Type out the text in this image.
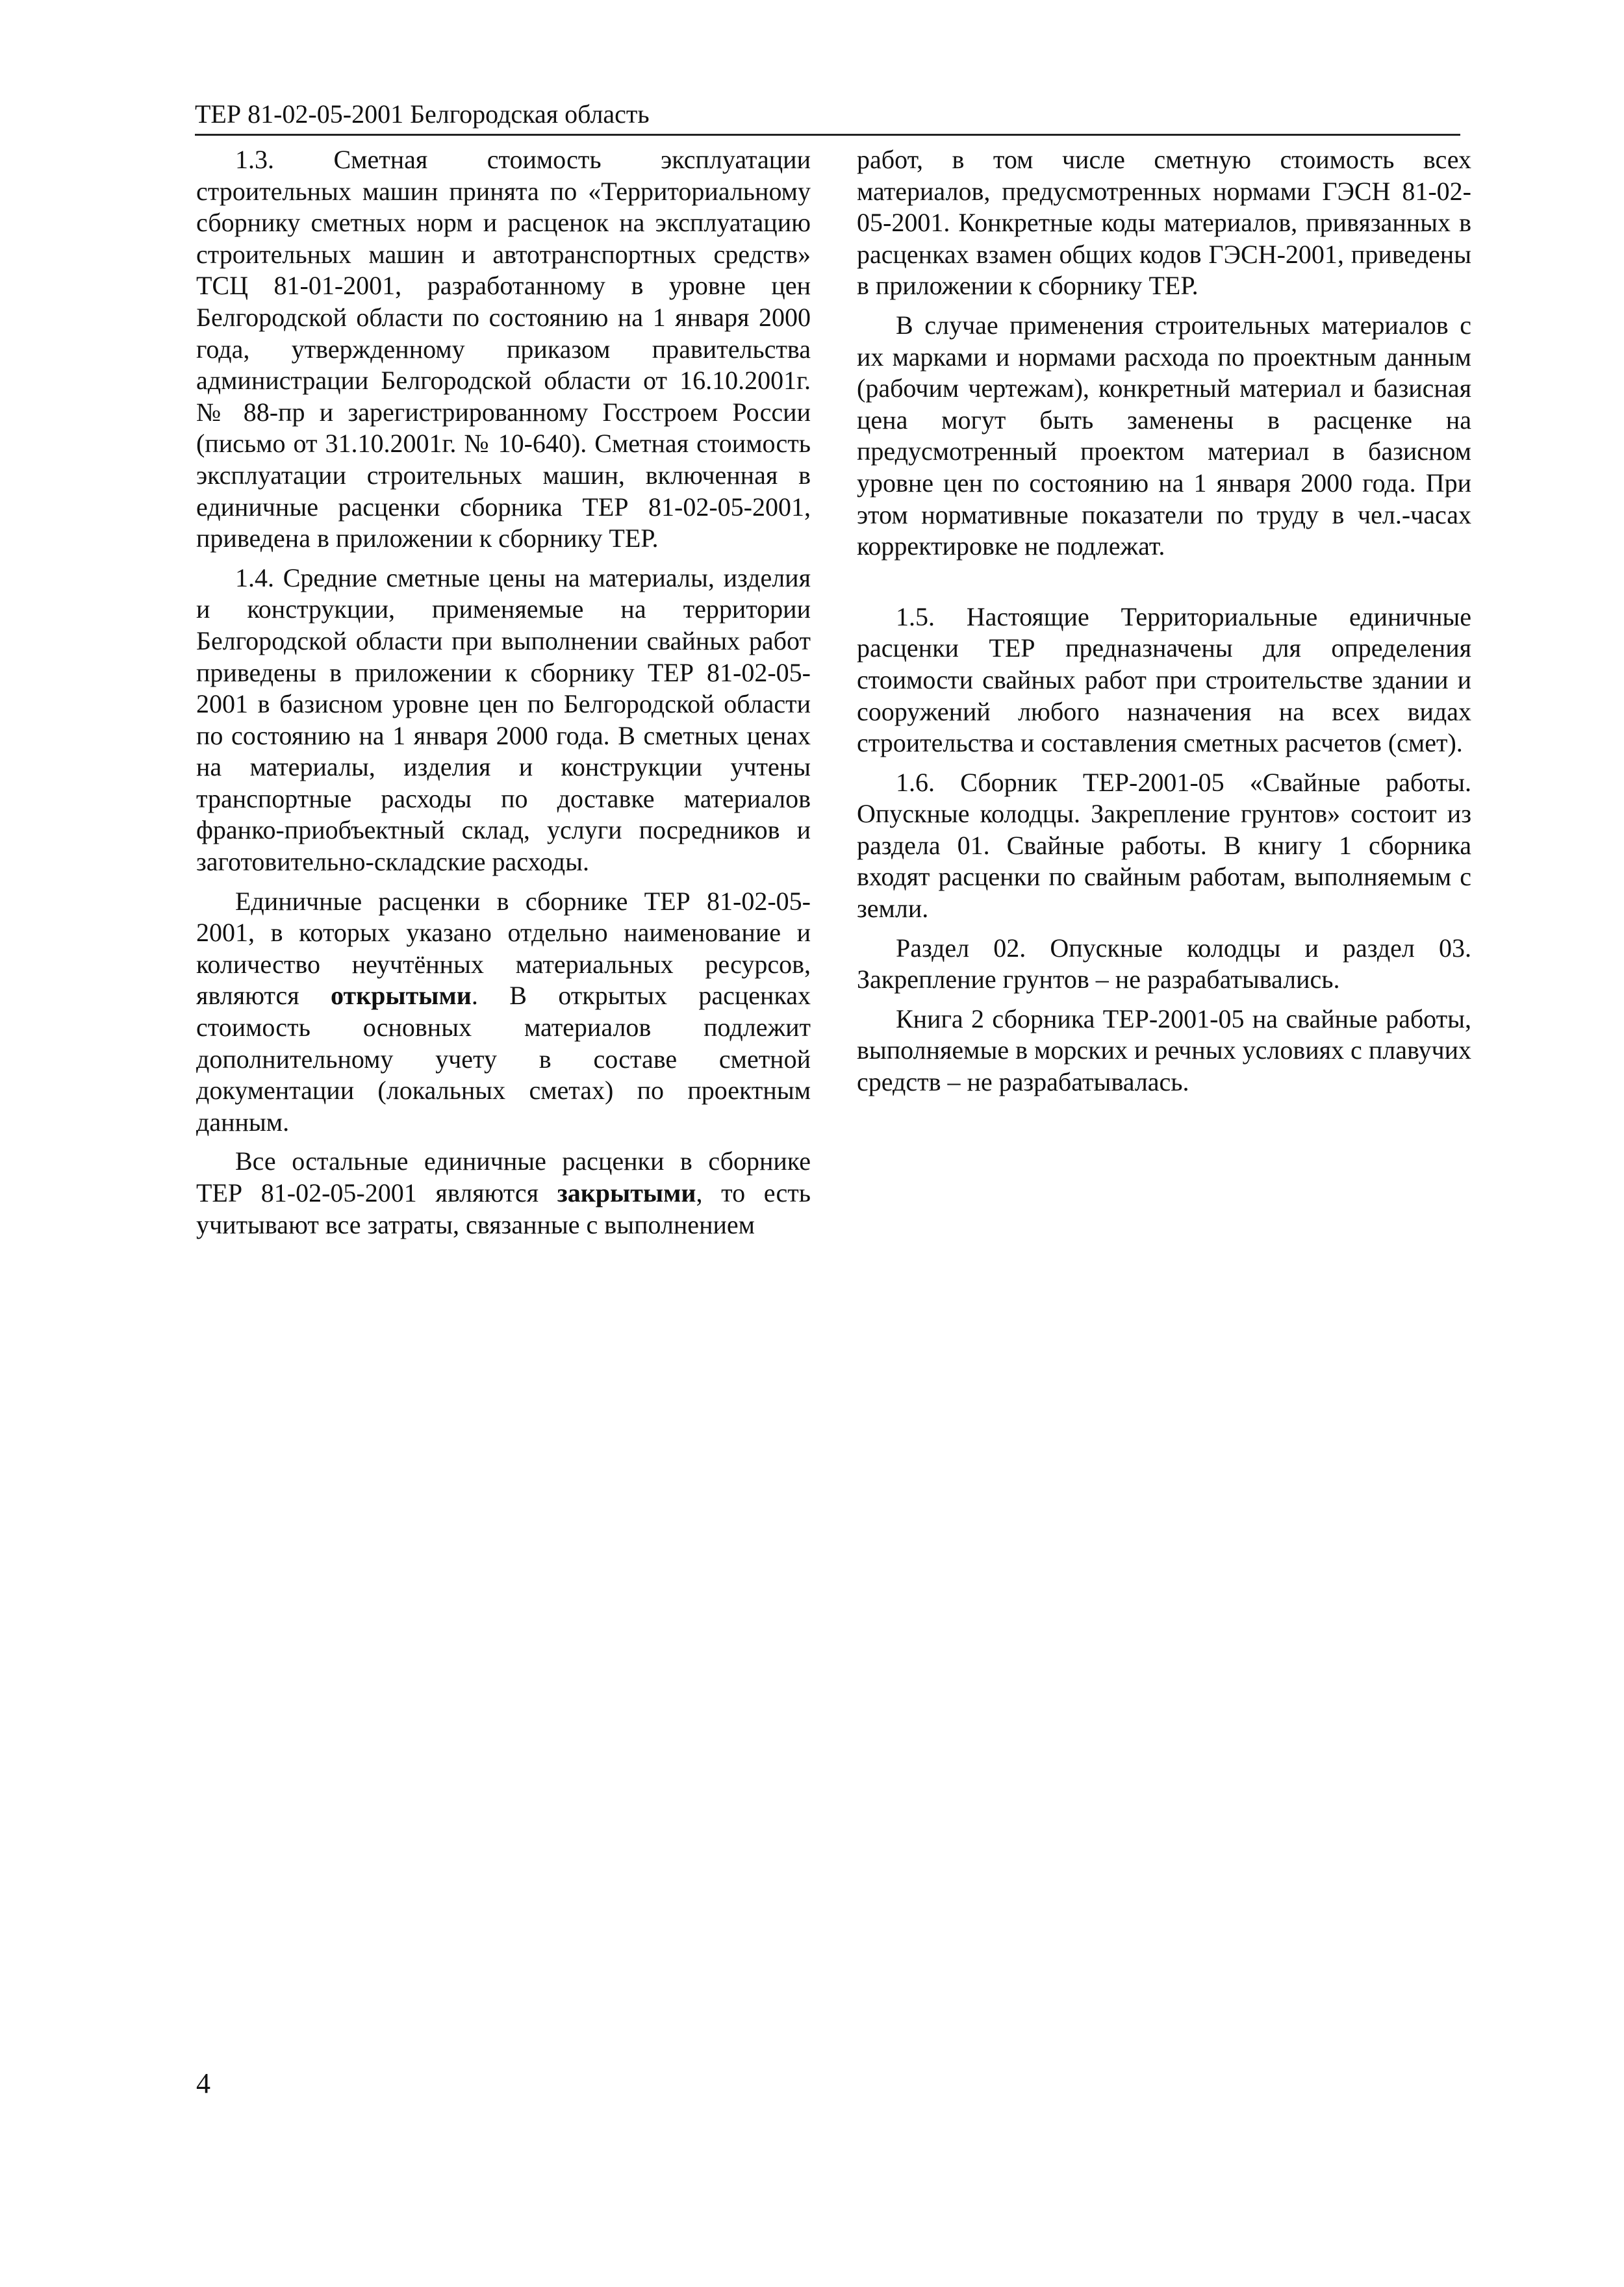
ТЕР 81-02-05-2001 Белгородская область

1.3. Сметная стоимость эксплуатации строительных машин принята по «Территориальному сборнику сметных норм и расценок на эксплуатацию строительных машин и автотранспортных средств» ТСЦ 81-01-2001, разработанному в уровне цен Белгородской области по состоянию на 1 января 2000 года, утвержденному приказом правительства администрации Белгородской области от 16.10.2001г. № 88-пр и зарегистрированному Госстроем России (письмо от 31.10.2001г. № 10-640). Сметная стоимость эксплуатации строительных машин, включенная в единичные расценки сборника ТЕР 81-02-05-2001, приведена в приложении к сборнику ТЕР.

1.4. Средние сметные цены на материалы, изделия и конструкции, применяемые на территории Белгородской области при выполнении свайных работ приведены в приложении к сборнику ТЕР 81-02-05-2001 в базисном уровне цен по Белгородской области по состоянию на 1 января 2000 года. В сметных ценах на материалы, изделия и конструкции учтены транспортные расходы по доставке материалов франко-приобъектный склад, услуги посредников и заготовительно-складские расходы.

Единичные расценки в сборнике ТЕР 81-02-05-2001, в которых указано отдельно наименование и количество неучтённых материальных ресурсов, являются открытыми. В открытых расценках стоимость основных материалов подлежит дополнительному учету в составе сметной документации (локальных сметах) по проектным данным.

Все остальные единичные расценки в сборнике ТЕР 81-02-05-2001 являются закрытыми, то есть учитывают все затраты, связанные с выполнением

работ, в том числе сметную стоимость всех материалов, предусмотренных нормами ГЭСН 81-02-05-2001. Конкретные коды материалов, привязанных в расценках взамен общих кодов ГЭСН-2001, приведены в приложении к сборнику ТЕР.

В случае применения строительных материалов с их марками и нормами расхода по проектным данным (рабочим чертежам), конкретный материал и базисная цена могут быть заменены в расценке на предусмотренный проектом материал в базисном уровне цен по состоянию на 1 января 2000 года. При этом нормативные показатели по труду в чел.-часах корректировке не подлежат.

1.5. Настоящие Территориальные единичные расценки ТЕР предназначены для определения стоимости свайных работ при строительстве здании и сооружений любого назначения на всех видах строительства и составления сметных расчетов (смет).

1.6. Сборник ТЕР-2001-05 «Свайные работы. Опускные колодцы. Закрепление грунтов» состоит из раздела 01. Свайные работы. В книгу 1 сборника входят расценки по свайным работам, выполняемым с земли.

Раздел 02. Опускные колодцы и раздел 03. Закрепление грунтов – не разрабатывались.

Книга 2 сборника ТЕР-2001-05 на свайные работы, выполняемые в морских и речных условиях с плавучих средств – не разрабатывалась.

4
